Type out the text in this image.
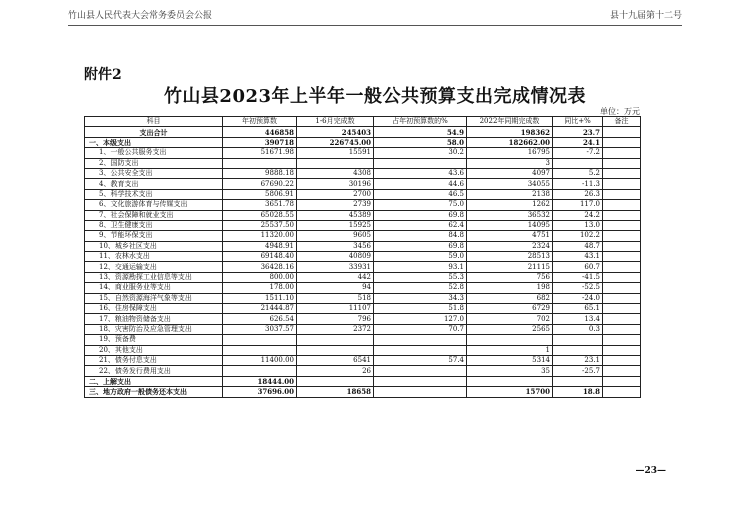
竹山县人民代表大会常务委员会公报	县十九届第十二号
附件2
竹山县2023年上半年一般公共预算支出完成情况表
单位：万元
科目	年初预算数	1-6月完成数	占年初预算数的%	2022年同期完成数	同比+%	备注
支出合计	446858	245403	54.9	198362	23.7	
一、本级支出	390718	226745.00	58.0	182662.00	24.1	
1、一般公共服务支出	51671.98	15591	30.2	16795	-7.2	
2、国防支出				3		
3、公共安全支出	9888.18	4308	43.6	4097	5.2	
4、教育支出	67690.22	30196	44.6	34055	-11.3	
5、科学技术支出	5806.91	2700	46.5	2138	26.3	
6、文化旅游体育与传媒支出	3651.78	2739	75.0	1262	117.0	
7、社会保障和就业支出	65028.55	45389	69.8	36532	24.2	
8、卫生健康支出	25537.50	15925	62.4	14095	13.0	
9、节能环保支出	11320.00	9605	84.8	4751	102.2	
10、城乡社区支出	4948.91	3456	69.8	2324	48.7	
11、农林水支出	69148.40	40809	59.0	28513	43.1	
12、交通运输支出	36428.16	33931	93.1	21115	60.7	
13、资源勘探工业信息等支出	800.00	442	55.3	756	-41.5	
14、商业服务业等支出	178.00	94	52.8	198	-52.5	
15、自然资源海洋气象等支出	1511.10	518	34.3	682	-24.0	
16、住房保障支出	21444.87	11107	51.8	6729	65.1	
17、粮油物资储备支出	626.54	796	127.0	702	13.4	
18、灾害防治及应急管理支出	3037.57	2372	70.7	2565	0.3	
19、预备费						
20、其他支出				1		
21、债务付息支出	11400.00	6541	57.4	5314	23.1	
22、债务发行费用支出		26		35	-25.7	
二、上解支出	18444.00					
三、地方政府一般债务还本支出	37696.00	18658		15700	18.8	
—23—
